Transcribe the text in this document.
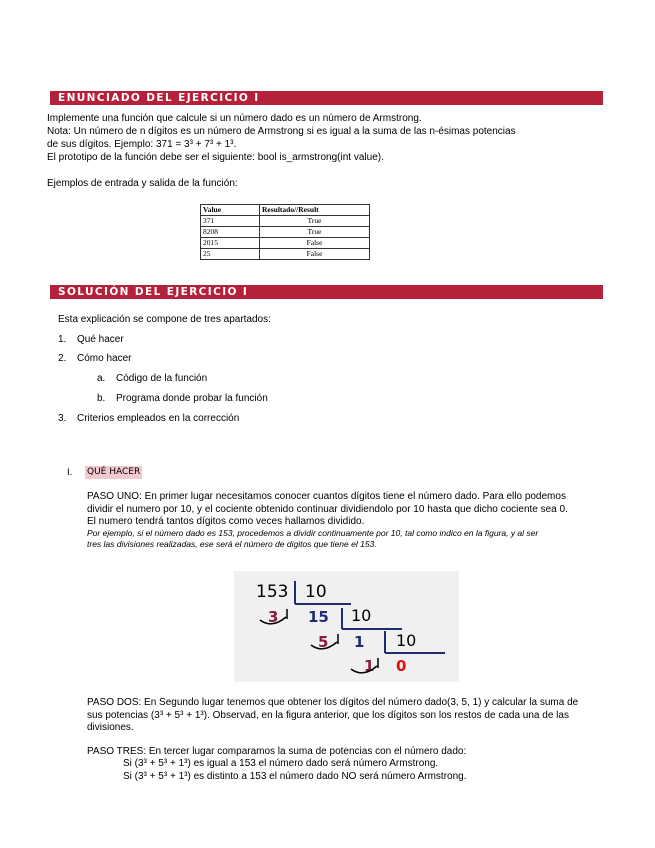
ENUNCIADO DEL EJERCICIO I
Implemente una función que calcule si un número dado es un número de Armstrong.
Nota: Un número de n dígitos es un número de Armstrong si es igual a la suma de las n-ésimas potencias
de sus dígitos. Ejemplo: 371 = 3³ + 7³ + 1³.
El prototipo de la función debe ser el siguiente: bool is_armstrong(int value).
Ejemplos de entrada y salida de la función:
Value	Resultado//Result
371	True
8208	True
2015	False
25	False
SOLUCIÓN DEL EJERCICIO I
Esta explicación se compone de tres apartados:
1. Qué hacer
2. Cómo hacer
a. Código de la función
b. Programa donde probar la función
3. Criterios empleados en la corrección
I. QUÉ HACER
PASO UNO: En primer lugar necesitamos conocer cuantos dígitos tiene el número dado. Para ello podemos
dividir el numero por 10, y el cociente obtenido continuar dividiendolo por 10 hasta que dicho cociente sea 0.
El numero tendrá tantos dígitos como veces hallamos dividido.
Por ejemplo, si el número dado es 153, procedemos a dividir continuamente por 10, tal como indico en la figura, y al ser
tres las divisiones realizadas, ese será el número de digitos que tiene el 153.
153 10
3 15 10
5 1 10
1 0
PASO DOS: En Segundo lugar tenemos que obtener los dígitos del número dado(3, 5, 1) y calcular la suma de
sus potencias (3³ + 5³ + 1³). Observad, en la figura anterior, que los dígitos son los restos de cada una de las
divisiones.
PASO TRES: En tercer lugar comparamos la suma de potencias con el número dado:
Si (3³ + 5³ + 1³) es igual a 153 el número dado será número Armstrong.
Si (3³ + 5³ + 1³) es distinto a 153 el número dado NO será número Armstrong.
